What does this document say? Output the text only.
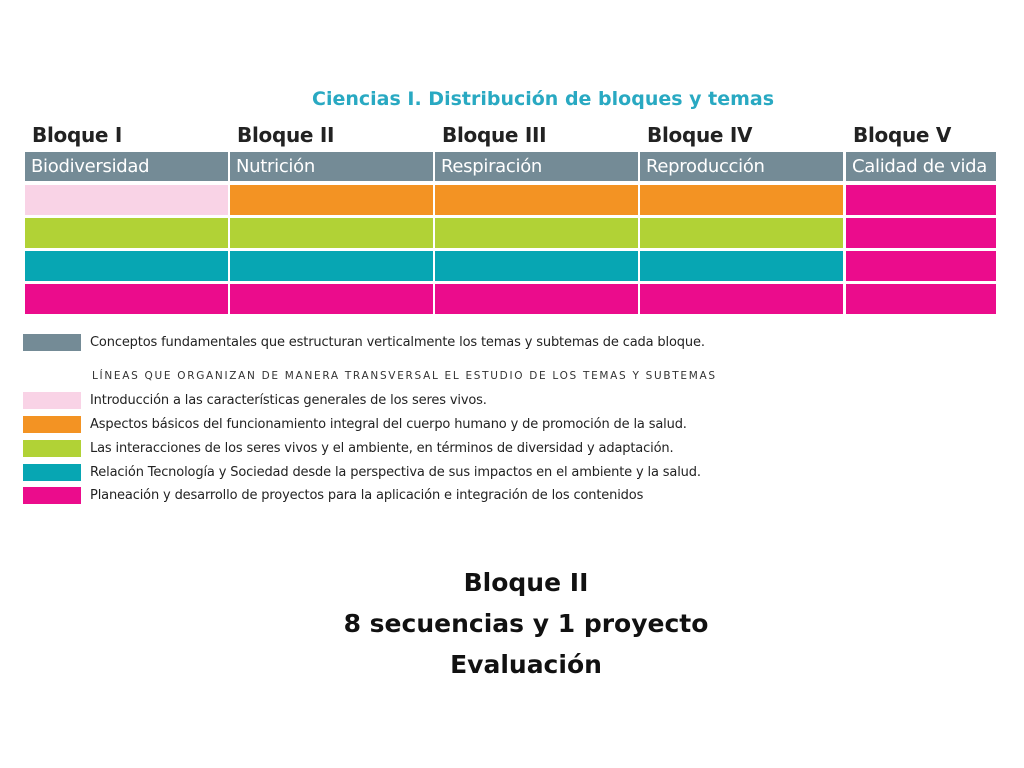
Ciencias I. Distribución de bloques y temas
Bloque I	Bloque II	Bloque III	Bloque IV	Bloque V
Biodiversidad	Nutrición	Respiración	Reproducción	Calidad de vida
Conceptos fundamentales que estructuran verticalmente los temas y subtemas de cada bloque.
LÍNEAS QUE ORGANIZAN DE MANERA TRANSVERSAL EL ESTUDIO DE LOS TEMAS Y SUBTEMAS
Introducción a las características generales de los seres vivos.
Aspectos básicos del funcionamiento integral del cuerpo humano y de promoción de la salud.
Las interacciones de los seres vivos y el ambiente, en términos de diversidad y adaptación.
Relación Tecnología y Sociedad desde la perspectiva de sus impactos en el ambiente y la salud.
Planeación y desarrollo de proyectos para la aplicación e integración de los contenidos
Bloque II
8 secuencias y 1 proyecto
Evaluación
